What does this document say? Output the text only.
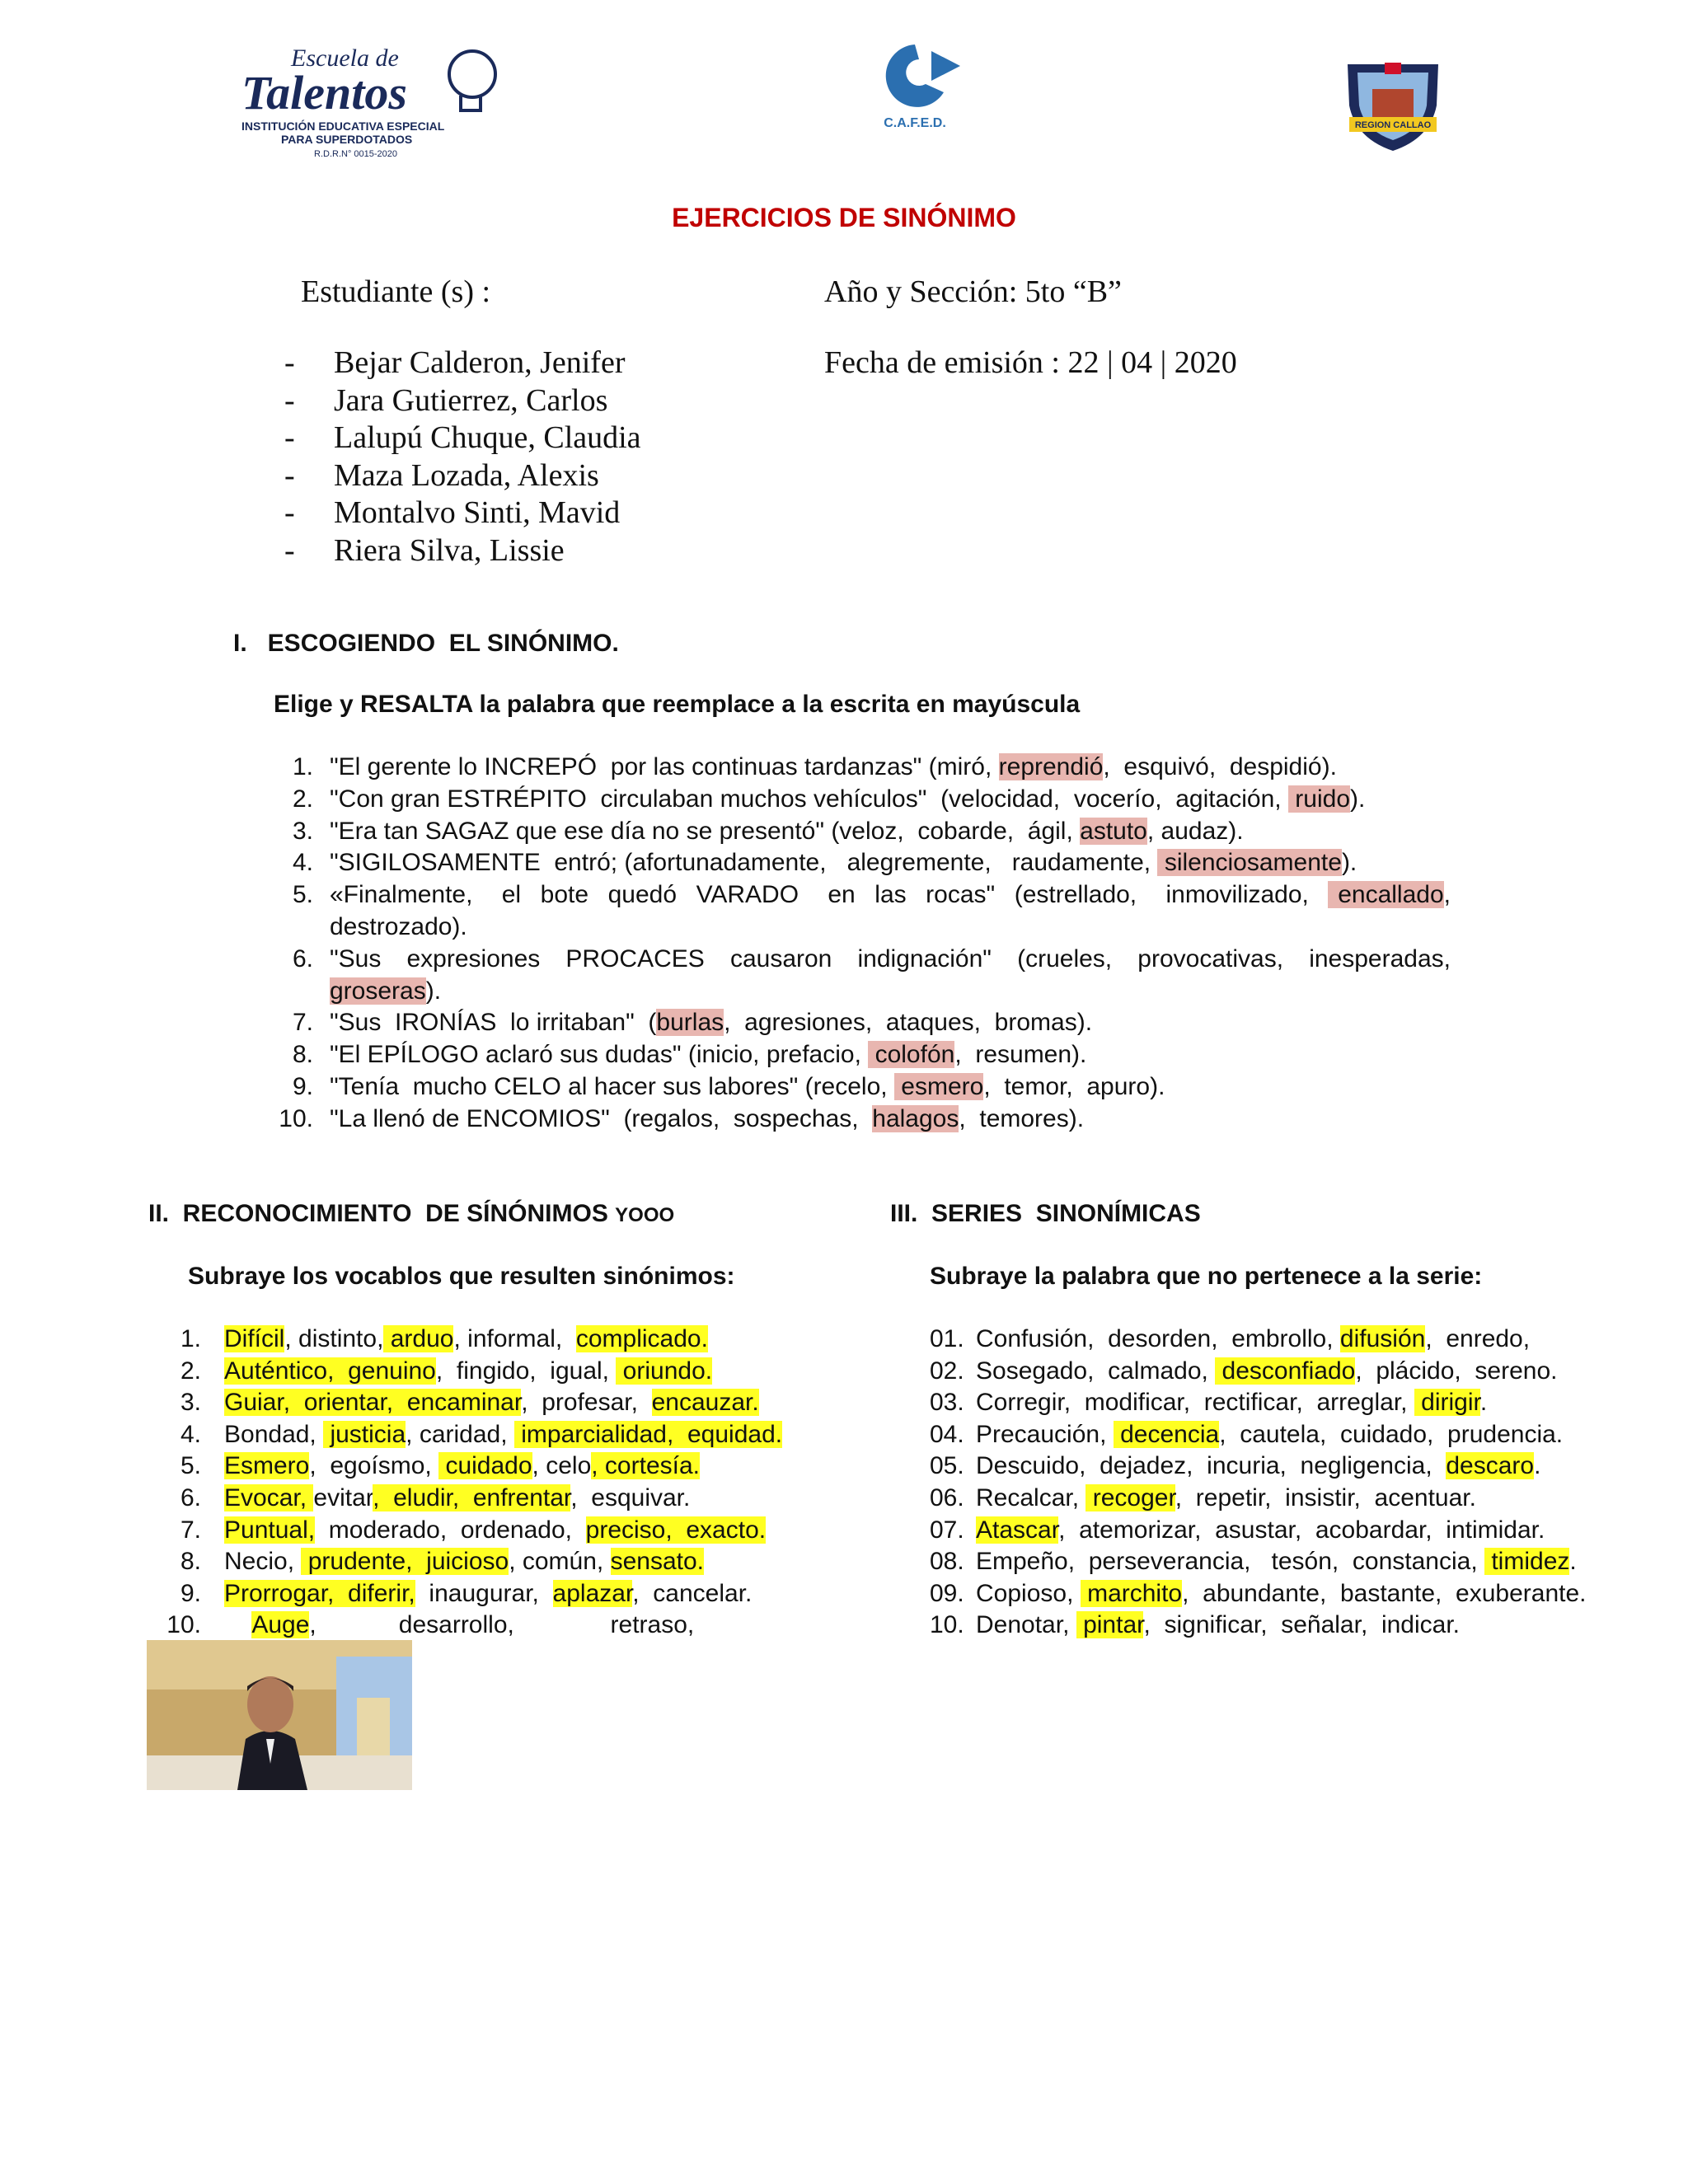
Escuela de
Talentos
INSTITUCIÓN EDUCATIVA ESPECIAL
PARA SUPERDOTADOS
R.D.R.N° 0015-2020
C.A.F.E.D.	REGION CALLAO
EJERCICIOS DE SINÓNIMO
Estudiante (s) :	Año y Sección: 5to “B”
Fecha de emisión : 22 | 04 | 2020
-	Bejar Calderon, Jenifer
-	Jara Gutierrez, Carlos
-	Lalupú Chuque, Claudia
-	Maza Lozada, Alexis
-	Montalvo Sinti, Mavid
-	Riera Silva, Lissie
I.   ESCOGIENDO  EL SINÓNIMO.
Elige y RESALTA la palabra que reemplace a la escrita en mayúscula
1. "El gerente lo INCREPÓ  por las continuas tardanzas" (miró, reprendió,  esquivó,  despidió).
2. "Con gran ESTRÉPITO  circulaban muchos vehículos"  (velocidad,  vocerío,  agitación,  ruido).
3. "Era tan SAGAZ que ese día no se presentó" (veloz,  cobarde,  ágil, astuto, audaz).
4. "SIGILOSAMENTE  entró; (afortunadamente,   alegremente,   raudamente,  silenciosamente).
5. «Finalmente,   el  bote  quedó  VARADO   en  las  rocas"  (estrellado,   inmovilizado,   encallado,  destrozado).
6. "Sus  expresiones  PROCACES  causaron  indignación"  (crueles,  provocativas,  inesperadas, groseras).
7. "Sus  IRONÍAS  lo irritaban"  (burlas,  agresiones,  ataques,  bromas).
8. "El EPÍLOGO aclaró sus dudas" (inicio, prefacio,  colofón,  resumen).
9. "Tenía  mucho CELO al hacer sus labores" (recelo,  esmero,  temor,  apuro).
10. "La llenó de ENCOMIOS"  (regalos,  sospechas,  halagos,  temores).
II.  RECONOCIMIENTO  DE SÍNÓNIMOS YOOO
Subraye los vocablos que resulten sinónimos:
1. Difícil, distinto, arduo, informal,  complicado.
2. Auténtico,  genuino,  fingido,  igual,  oriundo.
3. Guiar,  orientar,  encaminar,  profesar,  encauzar.
4. Bondad,  justicia, caridad,  imparcialidad,  equidad.
5. Esmero,  egoísmo,  cuidado, celo, cortesía.
6. Evocar, evitar,  eludir,  enfrentar,  esquivar.
7. Puntual,  moderado,  ordenado,  preciso,  exacto.
8. Necio,  prudente,  juicioso, común, sensato.
9. Prorrogar,  diferir,  inaugurar,  aplazar,  cancelar.
10.	Auge,            desarrollo,              retraso,
III.  SERIES  SINONÍMICAS
Subraye la palabra que no pertenece a la serie:
01. Confusión,  desorden,  embrollo, difusión,  enredo,
02. Sosegado,  calmado,  desconfiado,  plácido,  sereno.
03. Corregir,  modificar,  rectificar,  arreglar,  dirigir.
04. Precaución,  decencia,  cautela,  cuidado,  prudencia.
05. Descuido,  dejadez,  incuria,  negligencia,  descaro.
06. Recalcar,  recoger,  repetir,  insistir,  acentuar.
07. Atascar,  atemorizar,  asustar,  acobardar,  intimidar.
08. Empeño,  perseverancia,   tesón,  constancia,  timidez.
09. Copioso,  marchito,  abundante,  bastante,  exuberante.
10. Denotar,  pintar,  significar,  señalar,  indicar.
